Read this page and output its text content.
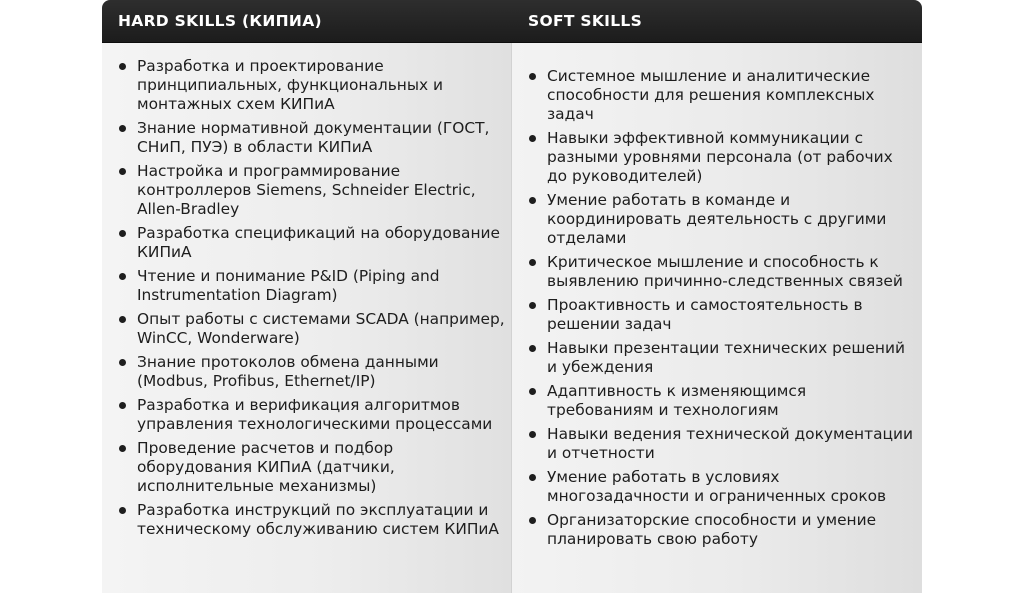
HARD SKILLS (КИПИА)	SOFT SKILLS
Разработка и проектирование принципиальных, функциональных и монтажных схем КИПиА
Знание нормативной документации (ГОСТ, СНиП, ПУЭ) в области КИПиА
Настройка и программирование контроллеров Siemens, Schneider Electric, Allen-Bradley
Разработка спецификаций на оборудование КИПиА
Чтение и понимание P&ID (Piping and Instrumentation Diagram)
Опыт работы с системами SCADA (например, WinCC, Wonderware)
Знание протоколов обмена данными (Modbus, Profibus, Ethernet/IP)
Разработка и верификация алгоритмов управления технологическими процессами
Проведение расчетов и подбор оборудования КИПиА (датчики, исполнительные механизмы)
Разработка инструкций по эксплуатации и техническому обслуживанию систем КИПиА
Системное мышление и аналитические способности для решения комплексных задач
Навыки эффективной коммуникации с разными уровнями персонала (от рабочих до руководителей)
Умение работать в команде и координировать деятельность с другими отделами
Критическое мышление и способность к выявлению причинно-следственных связей
Проактивность и самостоятельность в решении задач
Навыки презентации технических решений и убеждения
Адаптивность к изменяющимся требованиям и технологиям
Навыки ведения технической документации и отчетности
Умение работать в условиях многозадачности и ограниченных сроков
Организаторские способности и умение планировать свою работу
